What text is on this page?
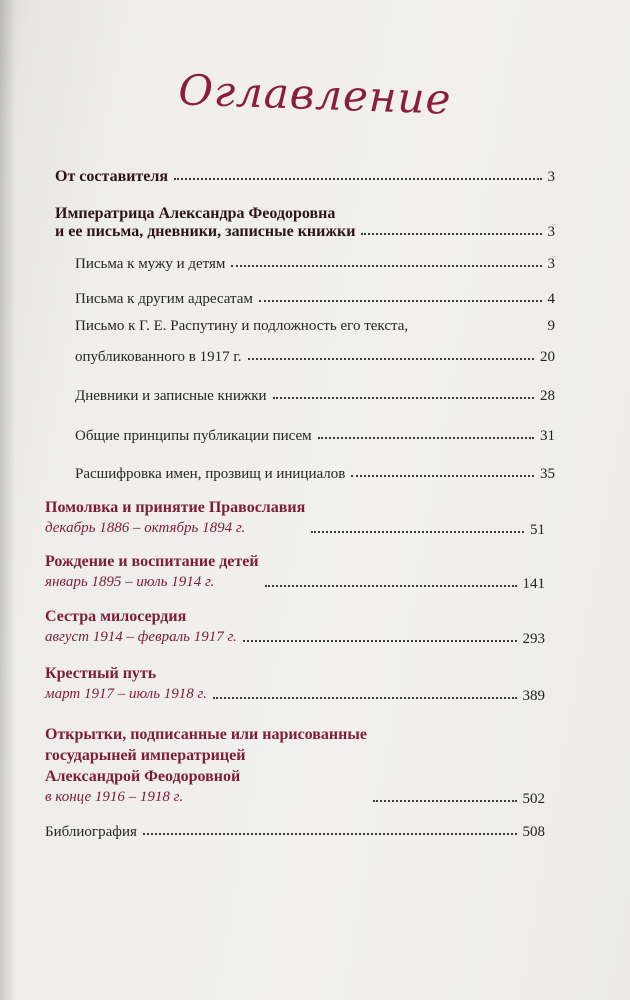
Оглавление
От составителя	3
Императрица Александра Феодоровна
и ее письма, дневники, записные книжки	3
Письма к мужу и детям	3
Письма к другим адресатам	4
Письмо к Г. Е. Распутину и подложность его текста,	9
опубликованного в 1917 г.	20
Дневники и записные книжки	28
Общие принципы публикации писем	31
Расшифровка имен, прозвищ и инициалов	35
Помолвка и принятие Православия
декабрь 1886 – октябрь 1894 г.	51
Рождение и воспитание детей
январь 1895 – июль 1914 г.	141
Сестра милосердия
август 1914 – февраль 1917 г.	293
Крестный путь
март 1917 – июль 1918 г.	389
Открытки, подписанные или нарисованные
государыней императрицей
Александрой Феодоровной
в конце 1916 – 1918 г.	502
Библиография	508
